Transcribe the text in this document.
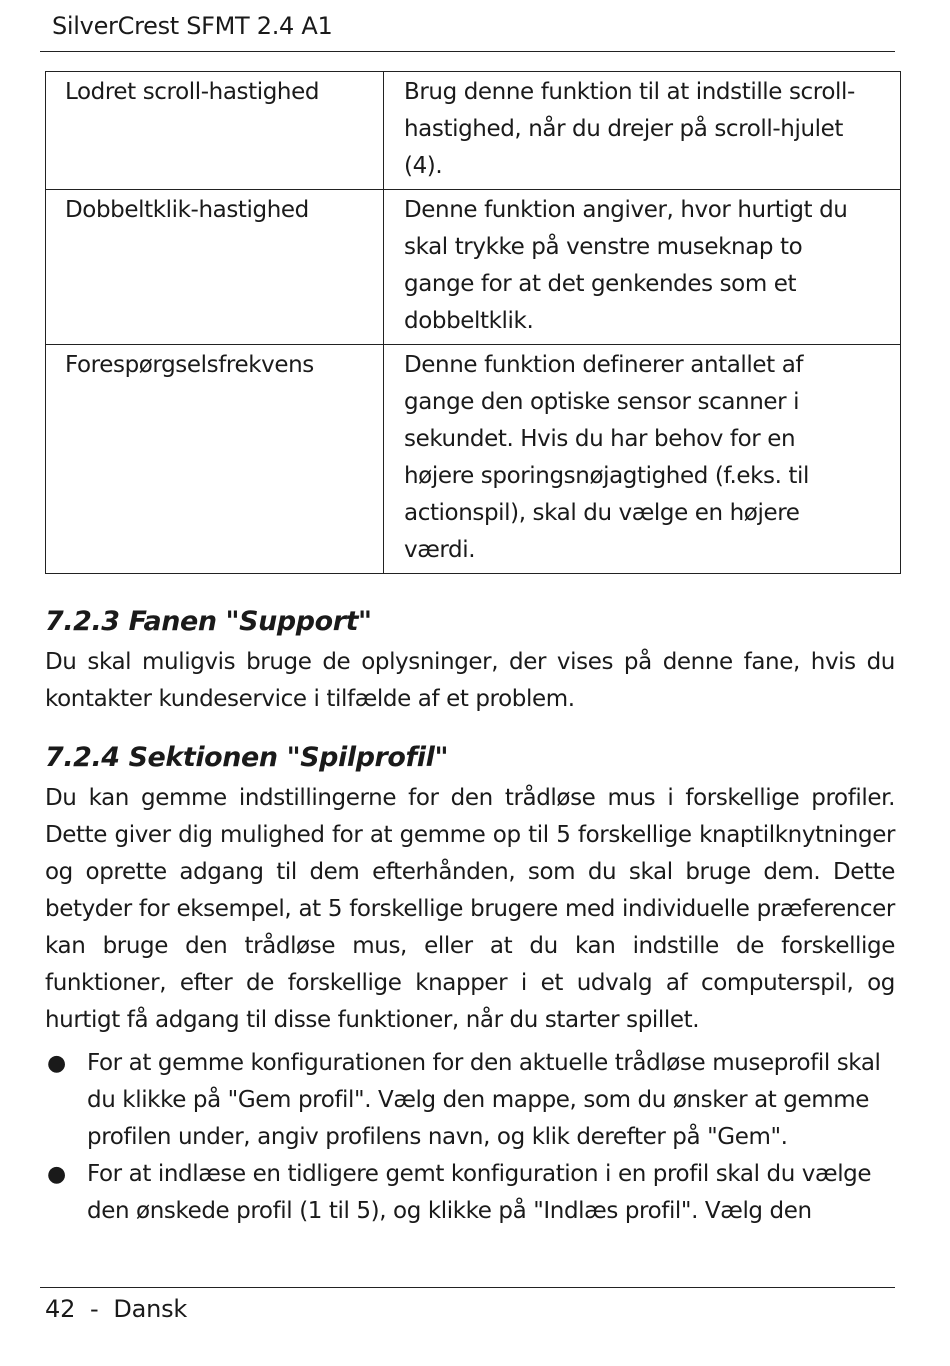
SilverCrest SFMT 2.4 A1
Lodret scroll-hastighed	Brug denne funktion til at indstille scroll-hastighed, når du drejer på scroll-hjulet (4).
Dobbeltklik-hastighed	Denne funktion angiver, hvor hurtigt du skal trykke på venstre museknap to gange for at det genkendes som et dobbeltklik.
Forespørgselsfrekvens	Denne funktion definerer antallet af gange den optiske sensor scanner i sekundet. Hvis du har behov for en højere sporingsnøjagtighed (f.eks. til actionspil), skal du vælge en højere værdi.
7.2.3 Fanen "Support"

Du skal muligvis bruge de oplysninger, der vises på denne fane, hvis du kontakter kundeservice i tilfælde af et problem.

7.2.4 Sektionen "Spilprofil"

Du kan gemme indstillingerne for den trådløse mus i forskellige profiler. Dette giver dig mulighed for at gemme op til 5 forskellige knaptilknytninger og oprette adgang til dem efterhånden, som du skal bruge dem. Dette betyder for eksempel, at 5 forskellige brugere med individuelle præferencer kan bruge den trådløse mus, eller at du kan indstille de forskellige funktioner, efter de forskellige knapper i et udvalg af computerspil, og hurtigt få adgang til disse funktioner, når du starter spillet.

● For at gemme konfigurationen for den aktuelle trådløse museprofil skal du klikke på "Gem profil". Vælg den mappe, som du ønsker at gemme profilen under, angiv profilens navn, og klik derefter på "Gem".
● For at indlæse en tidligere gemt konfiguration i en profil skal du vælge den ønskede profil (1 til 5), og klikke på "Indlæs profil". Vælg den
42 - Dansk
